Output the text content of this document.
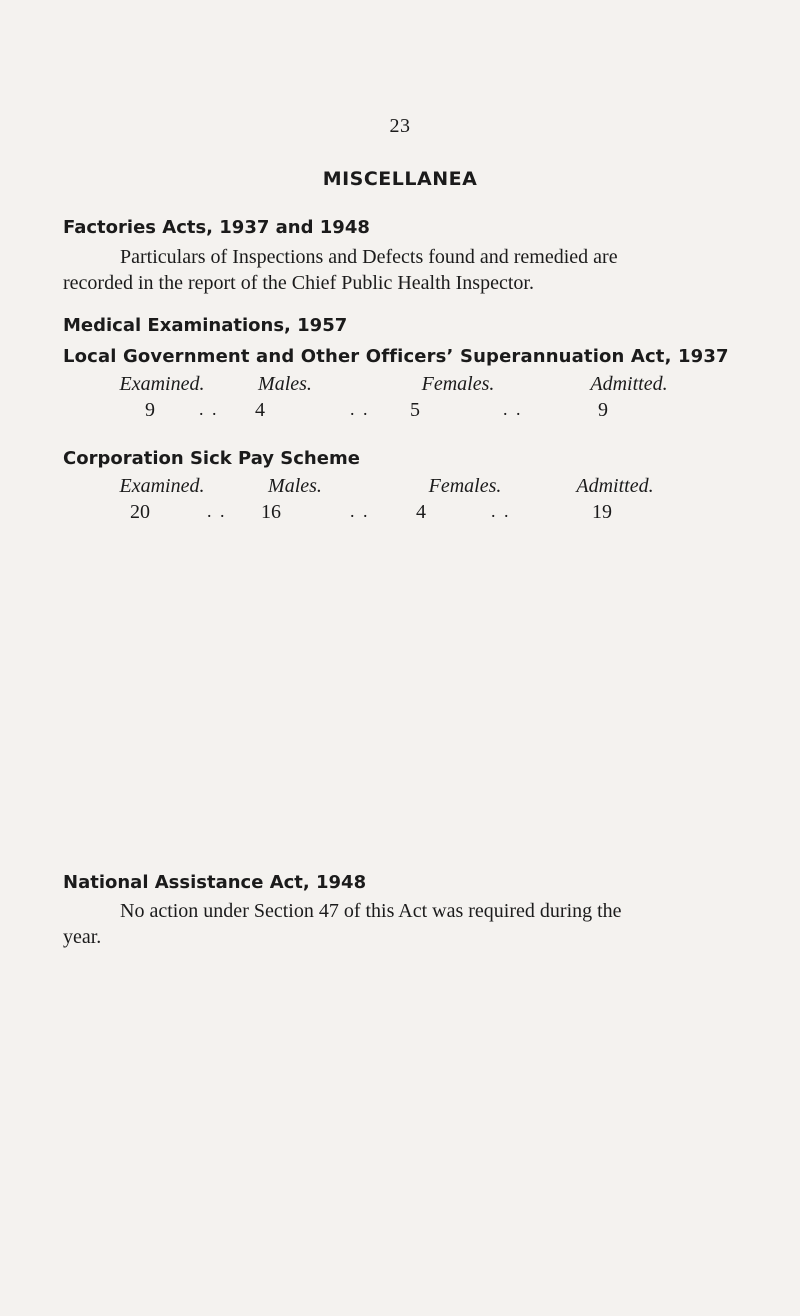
23
MISCELLANEA
Factories Acts, 1937 and 1948
Particulars of Inspections and Defects found and remedied are
recorded in the report of the Chief Public Health Inspector.
Medical Examinations, 1957
Local Government and Other Officers’ Superannuation Act, 1937
Examined.	Males.	Females.	Admitted.
9	. .	4	. .	5	. .	9
Corporation Sick Pay Scheme
Examined.	Males.	Females.	Admitted.
20	. .	16	. .	4	. .	19
National Assistance Act, 1948
No action under Section 47 of this Act was required during the
year.
